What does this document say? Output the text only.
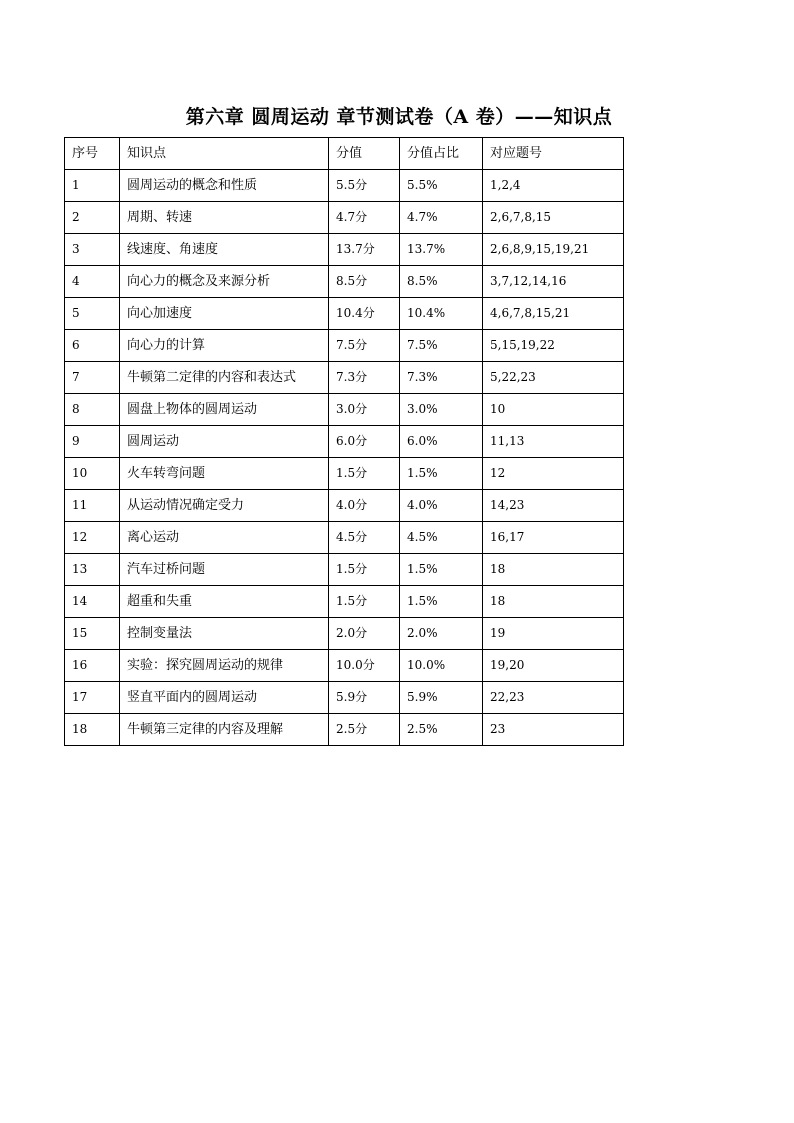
第六章 圆周运动 章节测试卷（A 卷）——知识点
序号	知识点	分值	分值占比	对应题号
1	圆周运动的概念和性质	5.5分	5.5%	1,2,4
2	周期、转速	4.7分	4.7%	2,6,7,8,15
3	线速度、角速度	13.7分	13.7%	2,6,8,9,15,19,21
4	向心力的概念及来源分析	8.5分	8.5%	3,7,12,14,16
5	向心加速度	10.4分	10.4%	4,6,7,8,15,21
6	向心力的计算	7.5分	7.5%	5,15,19,22
7	牛顿第二定律的内容和表达式	7.3分	7.3%	5,22,23
8	圆盘上物体的圆周运动	3.0分	3.0%	10
9	圆周运动	6.0分	6.0%	11,13
10	火车转弯问题	1.5分	1.5%	12
11	从运动情况确定受力	4.0分	4.0%	14,23
12	离心运动	4.5分	4.5%	16,17
13	汽车过桥问题	1.5分	1.5%	18
14	超重和失重	1.5分	1.5%	18
15	控制变量法	2.0分	2.0%	19
16	实验：探究圆周运动的规律	10.0分	10.0%	19,20
17	竖直平面内的圆周运动	5.9分	5.9%	22,23
18	牛顿第三定律的内容及理解	2.5分	2.5%	23
